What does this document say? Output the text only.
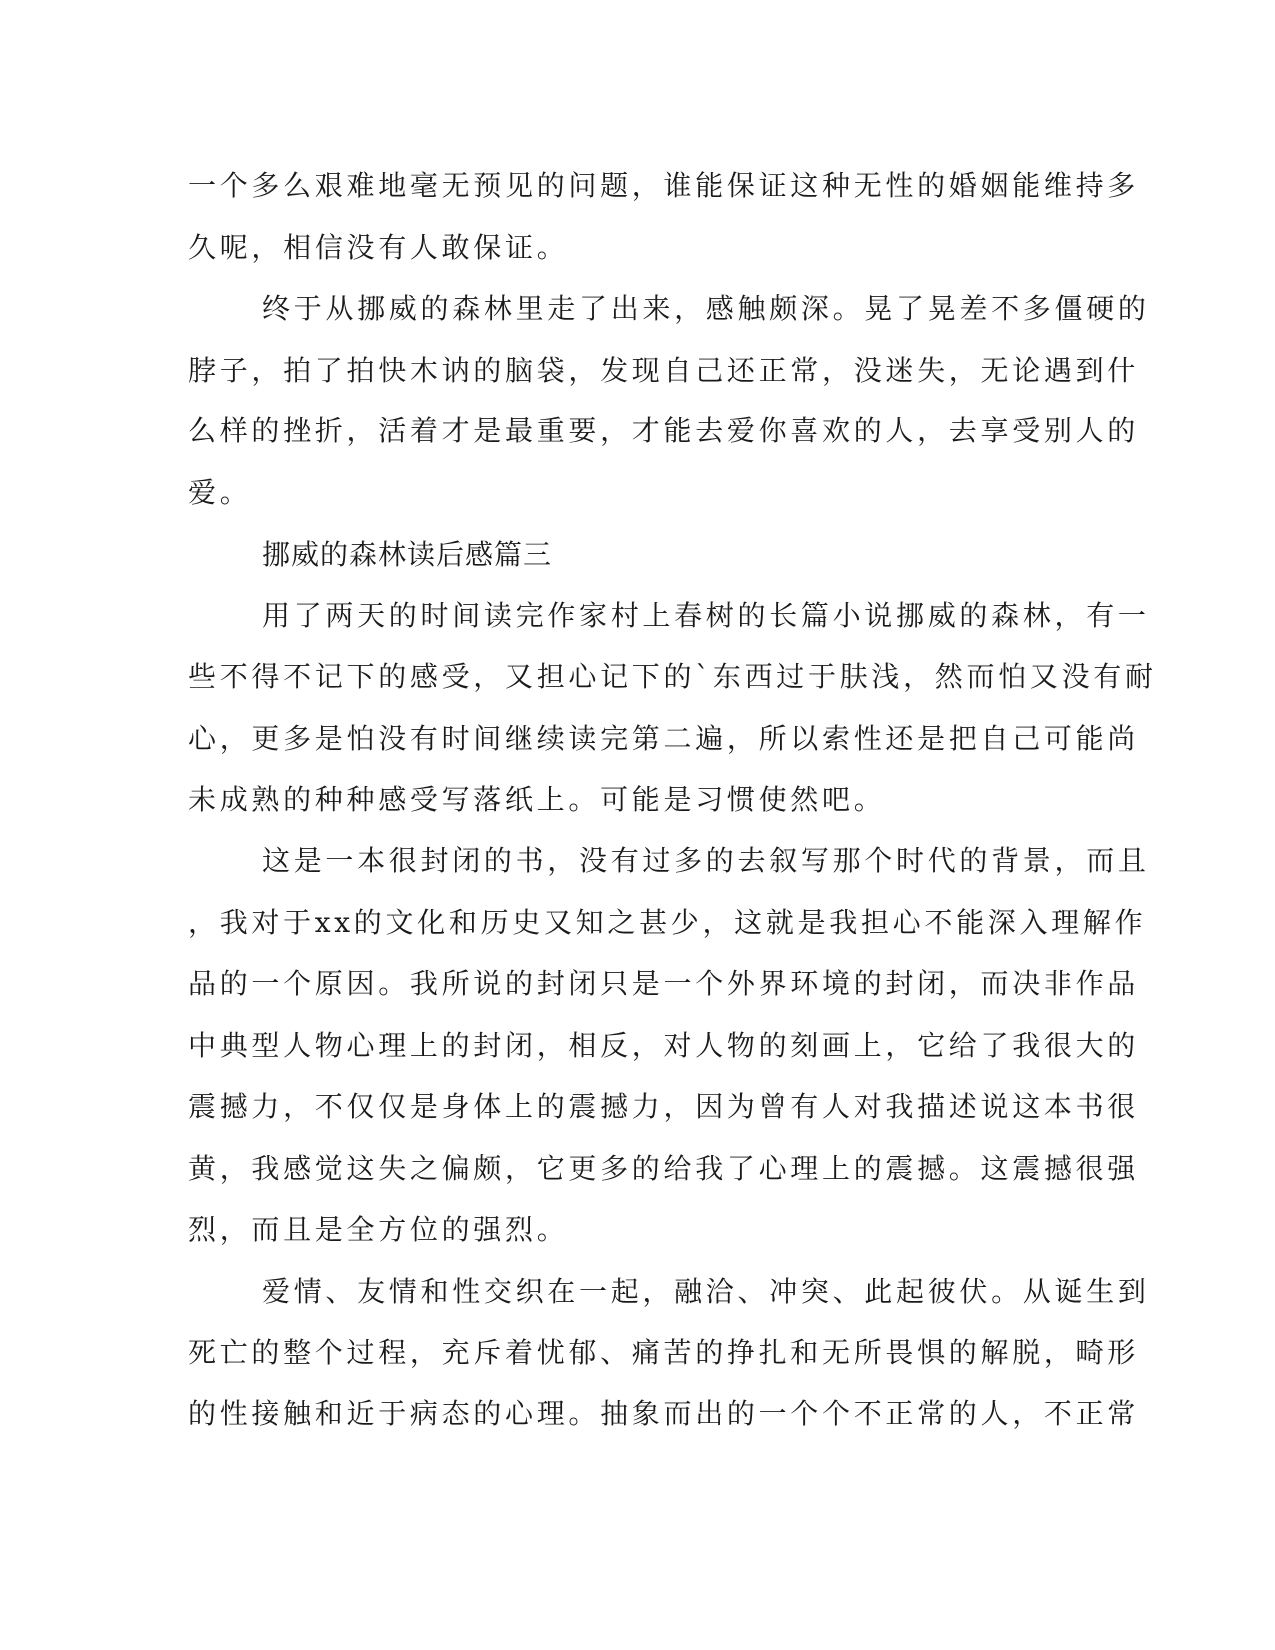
一个多么艰难地毫无预见的问题，谁能保证这种无性的婚姻能维持多
久呢，相信没有人敢保证。
终于从挪威的森林里走了出来，感触颇深。晃了晃差不多僵硬的
脖子，拍了拍快木讷的脑袋，发现自己还正常，没迷失，无论遇到什
么样的挫折，活着才是最重要，才能去爱你喜欢的人，去享受别人的
爱。
挪威的森林读后感篇三
用了两天的时间读完作家村上春树的长篇小说挪威的森林，有一
些不得不记下的感受，又担心记下的`东西过于肤浅，然而怕又没有耐
心，更多是怕没有时间继续读完第二遍，所以索性还是把自己可能尚
未成熟的种种感受写落纸上。可能是习惯使然吧。
这是一本很封闭的书，没有过多的去叙写那个时代的背景，而且
，我对于xx的文化和历史又知之甚少，这就是我担心不能深入理解作
品的一个原因。我所说的封闭只是一个外界环境的封闭，而决非作品
中典型人物心理上的封闭，相反，对人物的刻画上，它给了我很大的
震撼力，不仅仅是身体上的震撼力，因为曾有人对我描述说这本书很
黄，我感觉这失之偏颇，它更多的给我了心理上的震撼。这震撼很强
烈，而且是全方位的强烈。
爱情、友情和性交织在一起，融洽、冲突、此起彼伏。从诞生到
死亡的整个过程，充斥着忧郁、痛苦的挣扎和无所畏惧的解脱，畸形
的性接触和近于病态的心理。抽象而出的一个个不正常的人，不正常
